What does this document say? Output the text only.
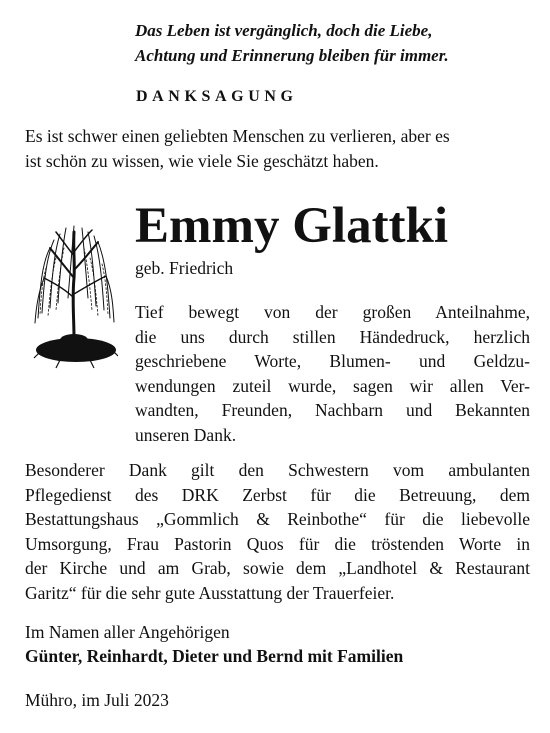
Das Leben ist vergänglich, doch die Liebe,
Achtung und Erinnerung bleiben für immer.

DANKSAGUNG

Es ist schwer einen geliebten Menschen zu verlieren, aber es
ist schön zu wissen, wie viele Sie geschätzt haben.

Emmy Glattki

geb. Friedrich

Tief bewegt von der großen Anteilnahme,
die uns durch stillen Händedruck, herzlich
geschriebene Worte, Blumen- und Geldzu-
wendungen zuteil wurde, sagen wir allen Ver-
wandten, Freunden, Nachbarn und Bekannten
unseren Dank.

Besonderer Dank gilt den Schwestern vom ambulanten
Pflegedienst des DRK Zerbst für die Betreuung, dem
Bestattungshaus „Gommlich & Reinbothe“ für die liebevolle
Umsorgung, Frau Pastorin Quos für die tröstenden Worte in
der Kirche und am Grab, sowie dem „Landhotel & Restaurant
Garitz“ für die sehr gute Ausstattung der Trauerfeier.

Im Namen aller Angehörigen

Günter, Reinhardt, Dieter und Bernd mit Familien

Mühro, im Juli 2023
